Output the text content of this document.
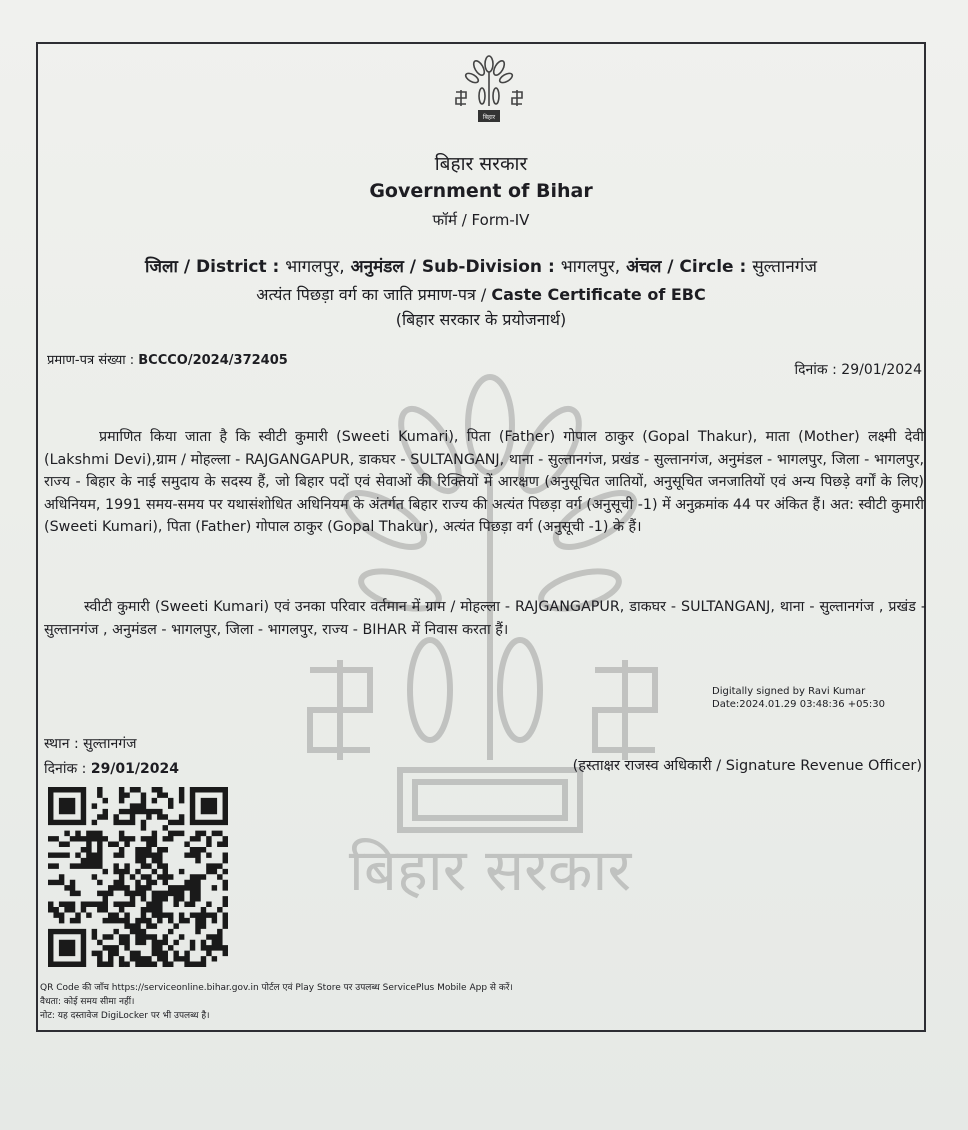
बिहार
बिहार सरकार
बिहार सरकार
Government of Bihar
फॉर्म / Form-IV
जिला / District : भागलपुर, अनुमंडल / Sub-Division : भागलपुर, अंचल / Circle : सुल्तानगंज
अत्यंत पिछड़ा वर्ग का जाति प्रमाण-पत्र / Caste Certificate of EBC
(बिहार सरकार के प्रयोजनार्थ)
प्रमाण-पत्र संख्या : BCCCO/2024/372405
दिनांक : 29/01/2024
प्रमाणित किया जाता है कि स्वीटी कुमारी (Sweeti Kumari), पिता (Father) गोपाल ठाकुर (Gopal Thakur), माता (Mother) लक्ष्मी देवी (Lakshmi Devi),ग्राम / मोहल्ला - RAJGANGAPUR, डाकघर - SULTANGANJ, थाना - सुल्तानगंज, प्रखंड - सुल्तानगंज, अनुमंडल - भागलपुर, जिला - भागलपुर, राज्य - बिहार के नाई समुदाय के सदस्य हैं, जो बिहार पदों एवं सेवाओं की रिक्तियों में आरक्षण (अनुसूचित जातियों, अनुसूचित जनजातियों एवं अन्य पिछड़े वर्गों के लिए) अधिनियम, 1991 समय-समय पर यथासंशोधित अधिनियम के अंतर्गत बिहार राज्य की अत्यंत पिछड़ा वर्ग (अनुसूची -1) में अनुक्रमांक 44 पर अंकित हैं। अत: स्वीटी कुमारी (Sweeti Kumari), पिता (Father) गोपाल ठाकुर (Gopal Thakur), अत्यंत पिछड़ा वर्ग (अनुसूची -1) के हैं।
स्वीटी कुमारी (Sweeti Kumari) एवं उनका परिवार वर्तमान में ग्राम / मोहल्ला - RAJGANGAPUR, डाकघर - SULTANGANJ, थाना - सुल्तानगंज , प्रखंड - सुल्तानगंज , अनुमंडल - भागलपुर, जिला - भागलपुर, राज्य - BIHAR में निवास करता हैं।
Digitally signed by Ravi Kumar
Date:2024.01.29 03:48:36 +05:30
स्थान : सुल्तानगंज
दिनांक : 29/01/2024	(हस्ताक्षर राजस्व अधिकारी / Signature Revenue Officer)
QR Code की जाँच https://serviceonline.bihar.gov.in पोर्टल एवं Play Store पर उपलब्ध ServicePlus Mobile App से करें।
वैधता: कोई समय सीमा नहीं।
नोट: यह दस्तावेज DigiLocker पर भी उपलब्ध है।
